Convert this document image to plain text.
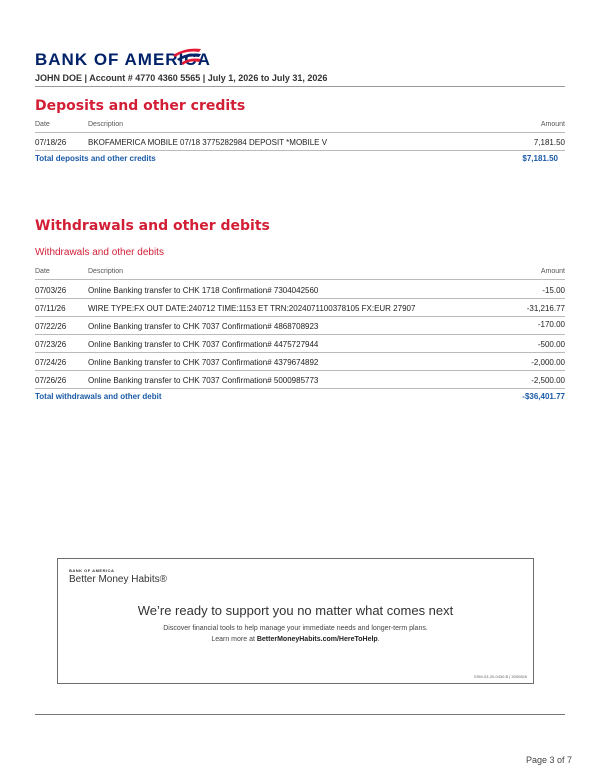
BANK OF AMERICA
JOHN DOE | Account # 4770 4360 5565 | July 1, 2026 to July 31, 2026
Deposits and other credits
Date	Description	Amount
07/18/26	BKOFAMERICA MOBILE 07/18 3775282984 DEPOSIT *MOBILE V	7,181.50
Total deposits and other credits	$7,181.50
Withdrawals and other debits
Withdrawals and other debits
Date	Description	Amount
07/03/26	Online Banking transfer to CHK 1718 Confirmation# 7304042560	-15.00
07/11/26	WIRE TYPE:FX OUT DATE:240712 TIME:1153 ET TRN:2024071100378105 FX:EUR 27907	-31,216.77
07/22/26	Online Banking transfer to CHK 7037 Confirmation# 4868708923	-170.00
07/23/26	Online Banking transfer to CHK 7037 Confirmation# 4475727944	-500.00
07/24/26	Online Banking transfer to CHK 7037 Confirmation# 4379674892	-2,000.00
07/26/26	Online Banking transfer to CHK 7037 Confirmation# 5000985773	-2,500.00
Total withdrawals and other debit	-$36,401.77
BANK OF AMERICA
Better Money Habits®
We’re ready to support you no matter what comes next
Discover financial tools to help manage your immediate needs and longer-term plans.
Learn more at BetterMoneyHabits.com/HereToHelp.
SSM-03-20-0430.B | 3050826
Page 3 of 7
